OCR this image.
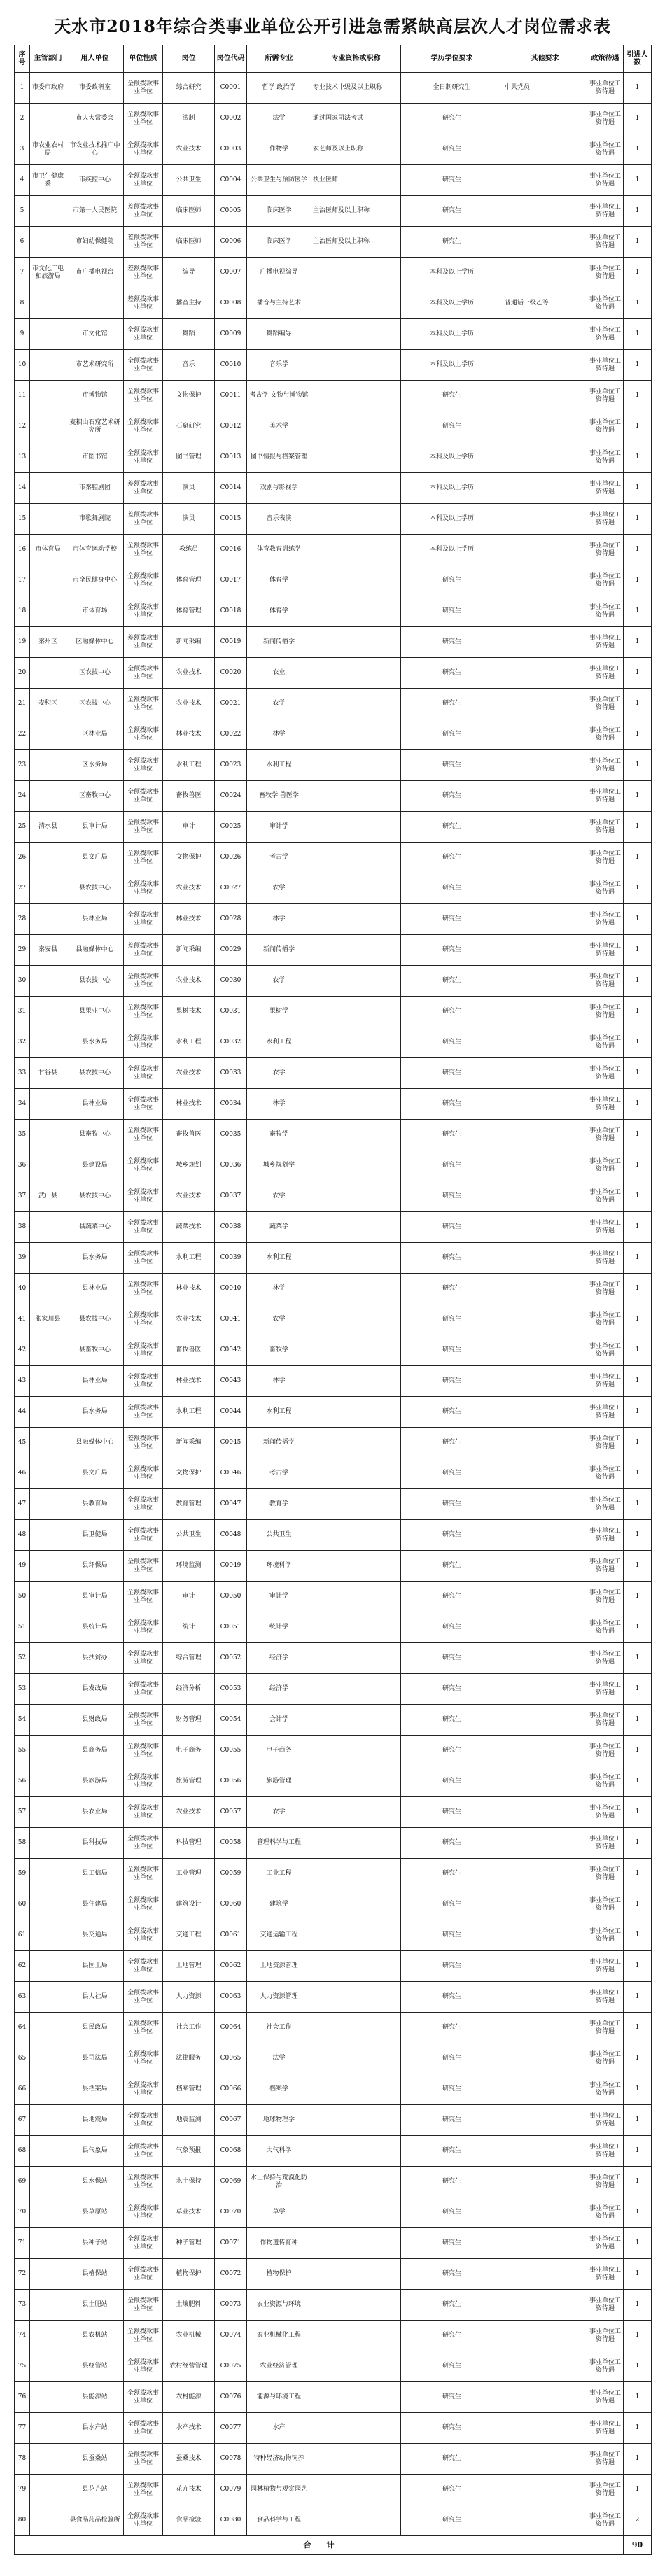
天水市2018年综合类事业单位公开引进急需紧缺高层次人才岗位需求表
序号	主管部门	用人单位	单位性质	岗位	岗位代码	所需专业	专业资格或职称	学历学位要求	其他要求	政策待遇	引进人数
1	市委市政府	市委政研室	全额拨款事业单位	综合研究	C0001	哲学 政治学	专业技术中级及以上职称	全日制研究生	中共党员	事业单位工资待遇	1
2		市人大常委会	全额拨款事业单位	法制	C0002	法学	通过国家司法考试	研究生		事业单位工资待遇	1
3	市农业农村局	市农业技术推广中心	全额拨款事业单位	农业技术	C0003	作物学	农艺师及以上职称	研究生		事业单位工资待遇	1
4	市卫生健康委	市疾控中心	全额拨款事业单位	公共卫生	C0004	公共卫生与预防医学	执业医师	研究生		事业单位工资待遇	1
5		市第一人民医院	差额拨款事业单位	临床医师	C0005	临床医学	主治医师及以上职称	研究生		事业单位工资待遇	1
6		市妇幼保健院	差额拨款事业单位	临床医师	C0006	临床医学	主治医师及以上职称	研究生		事业单位工资待遇	1
7	市文化广电和旅游局	市广播电视台	差额拨款事业单位	编导	C0007	广播电视编导		本科及以上学历		事业单位工资待遇	1
8			差额拨款事业单位	播音主持	C0008	播音与主持艺术		本科及以上学历	普通话一级乙等	事业单位工资待遇	1
9		市文化馆	全额拨款事业单位	舞蹈	C0009	舞蹈编导		本科及以上学历		事业单位工资待遇	1
10		市艺术研究所	全额拨款事业单位	音乐	C0010	音乐学		本科及以上学历		事业单位工资待遇	1
11		市博物馆	全额拨款事业单位	文物保护	C0011	考古学 文物与博物馆		研究生		事业单位工资待遇	1
12		麦积山石窟艺术研究所	全额拨款事业单位	石窟研究	C0012	美术学		研究生		事业单位工资待遇	1
13		市图书馆	全额拨款事业单位	图书管理	C0013	图书情报与档案管理		本科及以上学历		事业单位工资待遇	1
14		市秦腔剧团	差额拨款事业单位	演员	C0014	戏剧与影视学		本科及以上学历		事业单位工资待遇	1
15		市歌舞剧院	差额拨款事业单位	演员	C0015	音乐表演		本科及以上学历		事业单位工资待遇	1
16	市体育局	市体育运动学校	全额拨款事业单位	教练员	C0016	体育教育训练学		本科及以上学历		事业单位工资待遇	1
17		市全民健身中心	全额拨款事业单位	体育管理	C0017	体育学		研究生		事业单位工资待遇	1
18		市体育场	全额拨款事业单位	体育管理	C0018	体育学		研究生		事业单位工资待遇	1
19	秦州区	区融媒体中心	差额拨款事业单位	新闻采编	C0019	新闻传播学		研究生		事业单位工资待遇	1
20		区农技中心	全额拨款事业单位	农业技术	C0020	农业		研究生		事业单位工资待遇	1
21	麦积区	区农技中心	全额拨款事业单位	农业技术	C0021	农学		研究生		事业单位工资待遇	1
22		区林业局	全额拨款事业单位	林业技术	C0022	林学		研究生		事业单位工资待遇	1
23		区水务局	全额拨款事业单位	水利工程	C0023	水利工程		研究生		事业单位工资待遇	1
24		区畜牧中心	全额拨款事业单位	畜牧兽医	C0024	畜牧学 兽医学		研究生		事业单位工资待遇	1
25	清水县	县审计局	全额拨款事业单位	审计	C0025	审计学		研究生		事业单位工资待遇	1
26		县文广局	全额拨款事业单位	文物保护	C0026	考古学		研究生		事业单位工资待遇	1
27		县农技中心	全额拨款事业单位	农业技术	C0027	农学		研究生		事业单位工资待遇	1
28		县林业局	全额拨款事业单位	林业技术	C0028	林学		研究生		事业单位工资待遇	1
29	秦安县	县融媒体中心	差额拨款事业单位	新闻采编	C0029	新闻传播学		研究生		事业单位工资待遇	1
30		县农技中心	全额拨款事业单位	农业技术	C0030	农学		研究生		事业单位工资待遇	1
31		县果业中心	全额拨款事业单位	果树技术	C0031	果树学		研究生		事业单位工资待遇	1
32		县水务局	全额拨款事业单位	水利工程	C0032	水利工程		研究生		事业单位工资待遇	1
33	甘谷县	县农技中心	全额拨款事业单位	农业技术	C0033	农学		研究生		事业单位工资待遇	1
34		县林业局	全额拨款事业单位	林业技术	C0034	林学		研究生		事业单位工资待遇	1
35		县畜牧中心	全额拨款事业单位	畜牧兽医	C0035	畜牧学		研究生		事业单位工资待遇	1
36		县建设局	全额拨款事业单位	城乡规划	C0036	城乡规划学		研究生		事业单位工资待遇	1
37	武山县	县农技中心	全额拨款事业单位	农业技术	C0037	农学		研究生		事业单位工资待遇	1
38		县蔬菜中心	全额拨款事业单位	蔬菜技术	C0038	蔬菜学		研究生		事业单位工资待遇	1
39		县水务局	全额拨款事业单位	水利工程	C0039	水利工程		研究生		事业单位工资待遇	1
40		县林业局	全额拨款事业单位	林业技术	C0040	林学		研究生		事业单位工资待遇	1
41	张家川县	县农技中心	全额拨款事业单位	农业技术	C0041	农学		研究生		事业单位工资待遇	1
42		县畜牧中心	全额拨款事业单位	畜牧兽医	C0042	畜牧学		研究生		事业单位工资待遇	1
43		县林业局	全额拨款事业单位	林业技术	C0043	林学		研究生		事业单位工资待遇	1
44		县水务局	全额拨款事业单位	水利工程	C0044	水利工程		研究生		事业单位工资待遇	1
45		县融媒体中心	差额拨款事业单位	新闻采编	C0045	新闻传播学		研究生		事业单位工资待遇	1
46		县文广局	全额拨款事业单位	文物保护	C0046	考古学		研究生		事业单位工资待遇	1
47		县教育局	全额拨款事业单位	教育管理	C0047	教育学		研究生		事业单位工资待遇	1
48		县卫健局	全额拨款事业单位	公共卫生	C0048	公共卫生		研究生		事业单位工资待遇	1
49		县环保局	全额拨款事业单位	环境监测	C0049	环境科学		研究生		事业单位工资待遇	1
50		县审计局	全额拨款事业单位	审计	C0050	审计学		研究生		事业单位工资待遇	1
51		县统计局	全额拨款事业单位	统计	C0051	统计学		研究生		事业单位工资待遇	1
52		县扶贫办	全额拨款事业单位	综合管理	C0052	经济学		研究生		事业单位工资待遇	1
53		县发改局	全额拨款事业单位	经济分析	C0053	经济学		研究生		事业单位工资待遇	1
54		县财政局	全额拨款事业单位	财务管理	C0054	会计学		研究生		事业单位工资待遇	1
55		县商务局	全额拨款事业单位	电子商务	C0055	电子商务		研究生		事业单位工资待遇	1
56		县旅游局	全额拨款事业单位	旅游管理	C0056	旅游管理		研究生		事业单位工资待遇	1
57		县农业局	全额拨款事业单位	农业技术	C0057	农学		研究生		事业单位工资待遇	1
58		县科技局	全额拨款事业单位	科技管理	C0058	管理科学与工程		研究生		事业单位工资待遇	1
59		县工信局	全额拨款事业单位	工业管理	C0059	工业工程		研究生		事业单位工资待遇	1
60		县住建局	全额拨款事业单位	建筑设计	C0060	建筑学		研究生		事业单位工资待遇	1
61		县交通局	全额拨款事业单位	交通工程	C0061	交通运输工程		研究生		事业单位工资待遇	1
62		县国土局	全额拨款事业单位	土地管理	C0062	土地资源管理		研究生		事业单位工资待遇	1
63		县人社局	全额拨款事业单位	人力资源	C0063	人力资源管理		研究生		事业单位工资待遇	1
64		县民政局	全额拨款事业单位	社会工作	C0064	社会工作		研究生		事业单位工资待遇	1
65		县司法局	全额拨款事业单位	法律服务	C0065	法学		研究生		事业单位工资待遇	1
66		县档案局	全额拨款事业单位	档案管理	C0066	档案学		研究生		事业单位工资待遇	1
67		县地震局	全额拨款事业单位	地震监测	C0067	地球物理学		研究生		事业单位工资待遇	1
68		县气象局	全额拨款事业单位	气象预报	C0068	大气科学		研究生		事业单位工资待遇	1
69		县水保站	全额拨款事业单位	水土保持	C0069	水土保持与荒漠化防治		研究生		事业单位工资待遇	1
70		县草原站	全额拨款事业单位	草业技术	C0070	草学		研究生		事业单位工资待遇	1
71		县种子站	全额拨款事业单位	种子管理	C0071	作物遗传育种		研究生		事业单位工资待遇	1
72		县植保站	全额拨款事业单位	植物保护	C0072	植物保护		研究生		事业单位工资待遇	1
73		县土肥站	全额拨款事业单位	土壤肥料	C0073	农业资源与环境		研究生		事业单位工资待遇	1
74		县农机站	全额拨款事业单位	农业机械	C0074	农业机械化工程		研究生		事业单位工资待遇	1
75		县经管站	全额拨款事业单位	农村经营管理	C0075	农业经济管理		研究生		事业单位工资待遇	1
76		县能源站	全额拨款事业单位	农村能源	C0076	能源与环境工程		研究生		事业单位工资待遇	1
77		县水产站	全额拨款事业单位	水产技术	C0077	水产		研究生		事业单位工资待遇	1
78		县蚕桑站	全额拨款事业单位	蚕桑技术	C0078	特种经济动物饲养		研究生		事业单位工资待遇	1
79		县花卉站	全额拨款事业单位	花卉技术	C0079	园林植物与观赏园艺		研究生		事业单位工资待遇	1
80		县食品药品检验所	全额拨款事业单位	食品检验	C0080	食品科学与工程		研究生		事业单位工资待遇	2
合　　计											90
